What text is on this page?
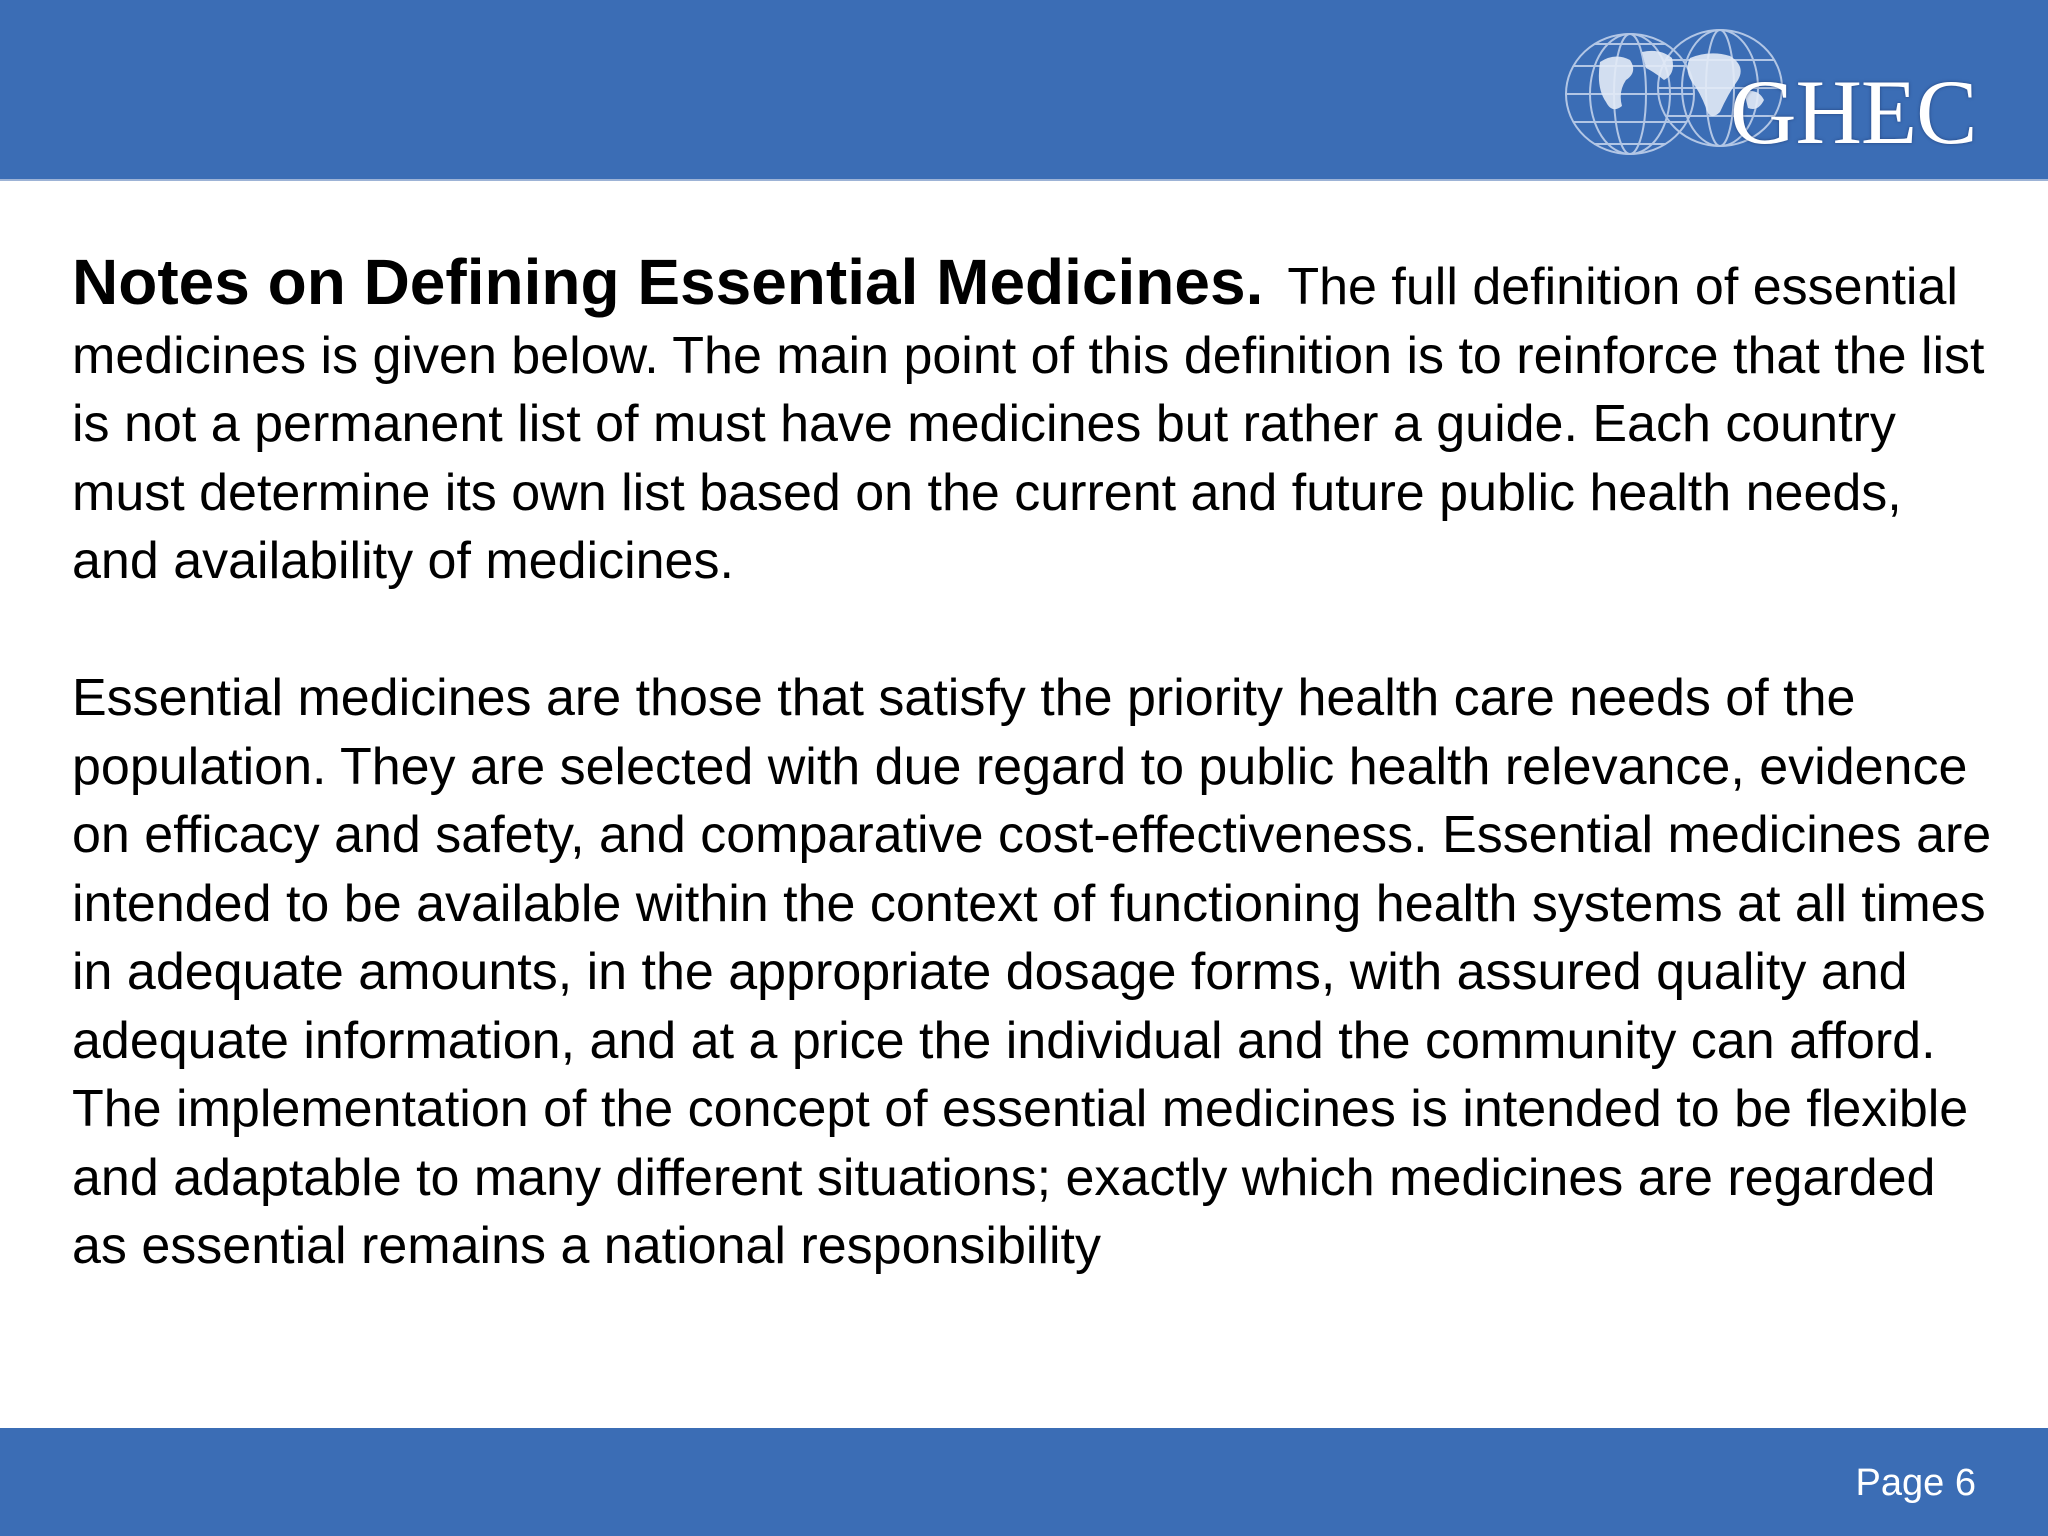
GHEC

Notes on Defining Essential Medicines. The full definition of essential medicines is given below. The main point of this definition is to reinforce that the list is not a permanent list of must have medicines but rather a guide. Each country must determine its own list based on the current and future public health needs, and availability of medicines.

Essential medicines are those that satisfy the priority health care needs of the population. They are selected with due regard to public health relevance, evidence on efficacy and safety, and comparative cost-effectiveness. Essential medicines are intended to be available within the context of functioning health systems at all times in adequate amounts, in the appropriate dosage forms, with assured quality and adequate information, and at a price the individual and the community can afford. The implementation of the concept of essential medicines is intended to be flexible and adaptable to many different situations; exactly which medicines are regarded as essential remains a national responsibility

Page 6
